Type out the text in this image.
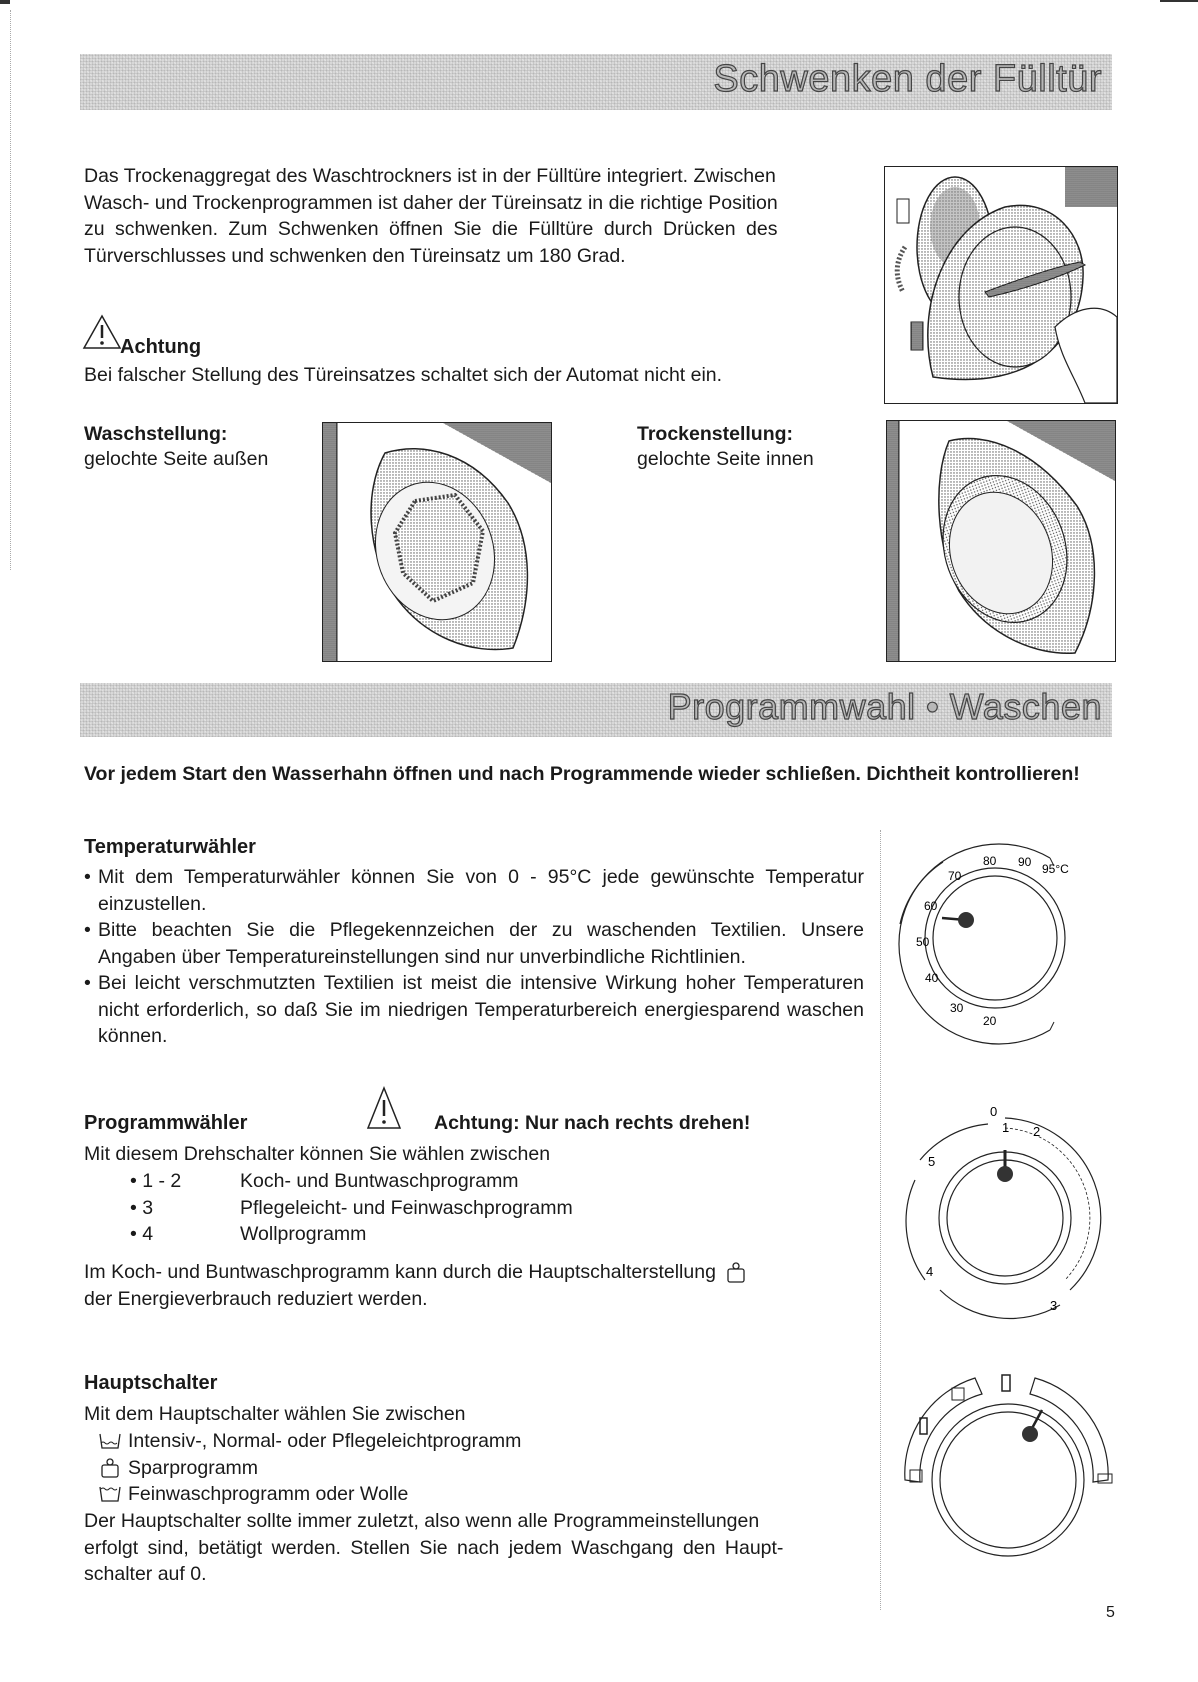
Schwenken der Fülltür
Das Trockenaggregat des Waschtrockners ist in der Fülltüre integriert. Zwischen
Wasch- und Trockenprogrammen ist daher der Türeinsatz in die richtige Position
zu schwenken. Zum Schwenken öffnen Sie die Fülltüre durch Drücken des
Türverschlusses und schwenken den Türeinsatz um 180 Grad.
Achtung
Bei falscher Stellung des Türeinsatzes schaltet sich der Automat nicht ein.
Waschstellung:
gelochte Seite außen
Trockenstellung:
gelochte Seite innen
Programmwahl • Waschen
Vor jedem Start den Wasserhahn öffnen und nach Programmende wieder schließen. Dichtheit kontrollieren!
Temperaturwähler
• Mit dem Temperaturwähler können Sie von 0 - 95°C jede gewünschte Temperatur einzustellen.
• Bitte beachten Sie die Pflegekennzeichen der zu waschenden Textilien. Unsere Angaben über Temperatureinstellungen sind nur unverbindliche Richtlinien.
• Bei leicht verschmutzten Textilien ist meist die intensive Wirkung hoher Temperaturen nicht erforderlich, so daß Sie im niedrigen Temperaturbereich energiesparend waschen können.
20
30
40
50
60
70
80 90 95°C
Programmwähler	Achtung: Nur nach rechts drehen!
Mit diesem Drehschalter können Sie wählen zwischen
• 1 - 2	Koch- und Buntwaschprogramm
• 3	Pflegeleicht- und Feinwaschprogramm
• 4	Wollprogramm
Im Koch- und Buntwaschprogramm kann durch die Hauptschalterstellung
der Energieverbrauch reduziert werden.
0
1 2
3
4
5
Hauptschalter
Mit dem Hauptschalter wählen Sie zwischen
Intensiv-, Normal- oder Pflegeleichtprogramm
Sparprogramm
Feinwaschprogramm oder Wolle
Der Hauptschalter sollte immer zuletzt, also wenn alle Programmeinstellungen
erfolgt sind, betätigt werden. Stellen Sie nach jedem Waschgang den Haupt-
schalter auf 0.
5
